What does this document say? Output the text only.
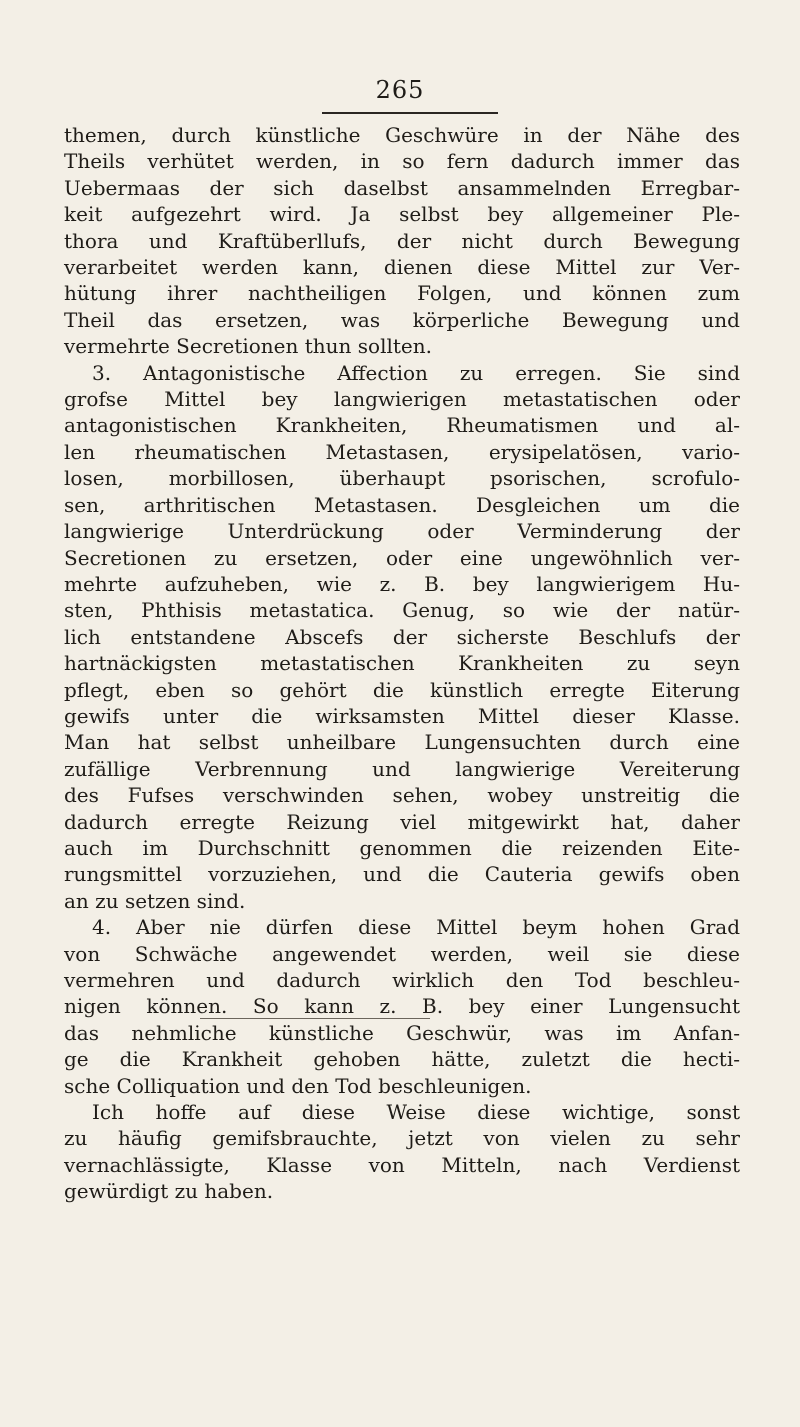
265
themen, durch künstliche Geschwüre in der Nähe des
Theils verhütet werden, in so fern dadurch immer das
Uebermaas der sich daselbst ansammelnden Erregbar-
keit aufgezehrt wird. Ja selbst bey allgemeiner Ple-
thora und Kraftüberllufs, der nicht durch Bewegung
verarbeitet werden kann, dienen diese Mittel zur Ver-
hütung ihrer nachtheiligen Folgen, und können zum
Theil das ersetzen, was körperliche Bewegung und
vermehrte Secretionen thun sollten.
3. Antagonistische Affection zu erregen. Sie sind
grofse Mittel bey langwierigen metastatischen oder
antagonistischen Krankheiten, Rheumatismen und al-
len rheumatischen Metastasen, erysipelatösen, vario-
losen, morbillosen, überhaupt psorischen, scrofulo-
sen, arthritischen Metastasen. Desgleichen um die
langwierige Unterdrückung oder Verminderung der
Secretionen zu ersetzen, oder eine ungewöhnlich ver-
mehrte aufzuheben, wie z. B. bey langwierigem Hu-
sten, Phthisis metastatica. Genug, so wie der natür-
lich entstandene Abscefs der sicherste Beschlufs der
hartnäckigsten metastatischen Krankheiten zu seyn
pflegt, eben so gehört die künstlich erregte Eiterung
gewifs unter die wirksamsten Mittel dieser Klasse.
Man hat selbst unheilbare Lungensuchten durch eine
zufällige Verbrennung und langwierige Vereiterung
des Fufses verschwinden sehen, wobey unstreitig die
dadurch erregte Reizung viel mitgewirkt hat, daher
auch im Durchschnitt genommen die reizenden Eite-
rungsmittel vorzuziehen, und die Cauteria gewifs oben
an zu setzen sind.
4. Aber nie dürfen diese Mittel beym hohen Grad
von Schwäche angewendet werden, weil sie diese
vermehren und dadurch wirklich den Tod beschleu-
nigen können. So kann z. B. bey einer Lungensucht
das nehmliche künstliche Geschwür, was im Anfan-
ge die Krankheit gehoben hätte, zuletzt die hecti-
sche Colliquation und den Tod beschleunigen.
Ich hoffe auf diese Weise diese wichtige, sonst
zu häufig gemifsbrauchte, jetzt von vielen zu sehr
vernachlässigte, Klasse von Mitteln, nach Verdienst
gewürdigt zu haben.
